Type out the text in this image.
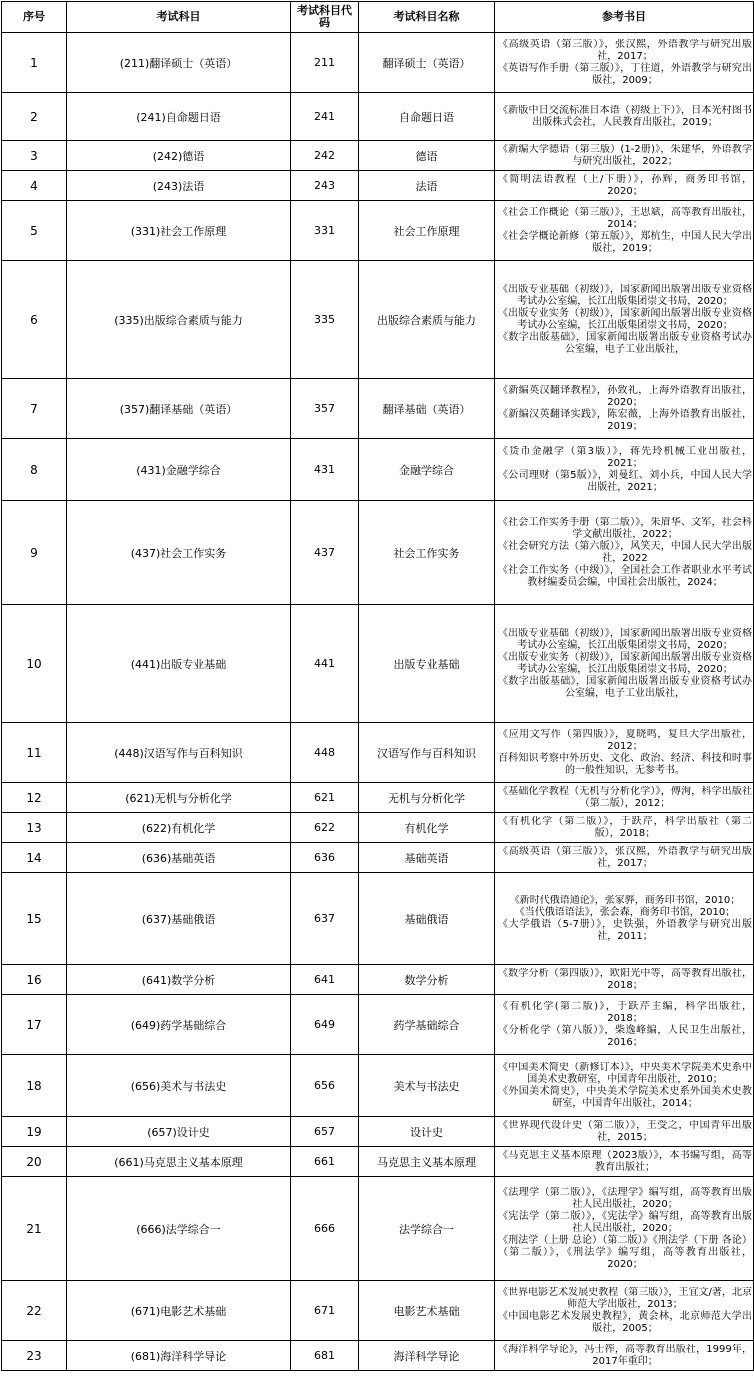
序号	考试科目	考试科目代码	考试科目名称	参考书目
1	(211)翻译硕士（英语）	211	翻译硕士（英语）	《高级英语（第三版）》，张汉熙，外语教学与研究出版社，2017；
《英语写作手册（第三版）》，丁往道，外语教学与研究出版社，2009；

2	(241)自命题日语	241	自命题日语	《新版中日交流标准日本语（初级上下）》，日本光村图书出版株式会社，人民教育出版社，2019；

3	(242)德语	242	德语	《新编大学德语（第三版）(1-2册)》，朱建华，外语教学与研究出版社，2022；

4	(243)法语	243	法语	《简明法语教程（上/下册）》，孙辉，商务印书馆，2020；

5	(331)社会工作原理	331	社会工作原理	《社会工作概论（第三版）》，王思斌，高等教育出版社，2014；
《社会学概论新修（第五版）》，郑杭生，中国人民大学出版社，2019；

6	(335)出版综合素质与能力	335	出版综合素质与能力	《出版专业基础（初级）》，国家新闻出版署出版专业资格考试办公室编，长江出版集团崇文书局，2020；
《出版专业实务（初级）》，国家新闻出版署出版专业资格考试办公室编，长江出版集团崇文书局，2020；
《数字出版基础》，国家新闻出版署出版专业资格考试办公室编，电子工业出版社，

7	(357)翻译基础（英语）	357	翻译基础（英语）	《新编英汉翻译教程》，孙致礼，上海外语教育出版社，2020；
《新编汉英翻译实践》，陈宏薇，上海外语教育出版社，2019；

8	(431)金融学综合	431	金融学综合	《货币金融学（第3版）》，蒋先玲机械工业出版社，2021；
《公司理财（第5版）》，刘曼红、刘小兵，中国人民大学出版社，2021；

9	(437)社会工作实务	437	社会工作实务	《社会工作实务手册（第二版）》，朱眉华、文军，社会科学文献出版社，2022；
《社会研究方法（第六版）》，风笑天，中国人民大学出版社，2022
《社会工作实务（中级）》，全国社会工作者职业水平考试教材编委员会编，中国社会出版社，2024；

10	(441)出版专业基础	441	出版专业基础	《出版专业基础（初级）》，国家新闻出版署出版专业资格考试办公室编，长江出版集团崇文书局，2020；
《出版专业实务（初级）》，国家新闻出版署出版专业资格考试办公室编，长江出版集团崇文书局，2020；
《数字出版基础》，国家新闻出版署出版专业资格考试办公室编，电子工业出版社，

11	(448)汉语写作与百科知识	448	汉语写作与百科知识	《应用文写作（第四版）》，夏晓鸣，复旦大学出版社，2012；
百科知识考察中外历史、文化、政治、经济、科技和时事的一般性知识，无参考书。

12	(621)无机与分析化学	621	无机与分析化学	《基础化学教程（无机与分析化学）》，傅洵，科学出版社（第二版），2012；

13	(622)有机化学	622	有机化学	《有机化学（第二版）》，于跃芹，科学出版社（第二版），2018；

14	(636)基础英语	636	基础英语	《高级英语（第三版）》，张汉熙，外语教学与研究出版社，2017；

15	(637)基础俄语	637	基础俄语	《新时代俄语通论》，张家骅，商务印书馆，2010；
《当代俄语语法》，张会森，商务印书馆，2010；
《大学俄语（5-7册）》，史铁强，外语教学与研究出版社，2011；

16	(641)数学分析	641	数学分析	《数学分析（第四版）》，欧阳光中等，高等教育出版社，2018；

17	(649)药学基础综合	649	药学基础综合	《有机化学(第二版)》，于跃芹主编，科学出版社，2018；
《分析化学（第八版）》，柴逸峰编，人民卫生出版社，2016；

18	(656)美术与书法史	656	美术与书法史	《中国美术简史（新修订本）》，中央美术学院美术史系中国美术史教研室，中国青年出版社，2010；
《外国美术简史》，中央美术学院美术史系外国美术史教研室，中国青年出版社，2014；

19	(657)设计史	657	设计史	《世界现代设计史（第二版）》，王受之，中国青年出版社，2015；

20	(661)马克思主义基本原理	661	马克思主义基本原理	《马克思主义基本原理（2023版）》，本书编写组，高等教育出版社；

21	(666)法学综合一	666	法学综合一	《法理学（第二版）》，《法理学》编写组，高等教育出版社人民出版社，2020；
《宪法学（第二版）》，《宪法学》编写组，高等教育出版社人民出版社，2020；
《刑法学（上册 总论）（第二版）》《刑法学（下册 各论）（第二版）》，《刑法学》编写组，高等教育出版社，2020；

22	(671)电影艺术基础	671	电影艺术基础	《世界电影艺术发展史教程（第三版）》，王宜文/著，北京师范大学出版社，2013；
《中国电影艺术发展史教程》，黄会林，北京师范大学出版社，2005；

23	(681)海洋科学导论	681	海洋科学导论	《海洋科学导论》，冯士筰，高等教育出版社，1999年，2017年重印；
